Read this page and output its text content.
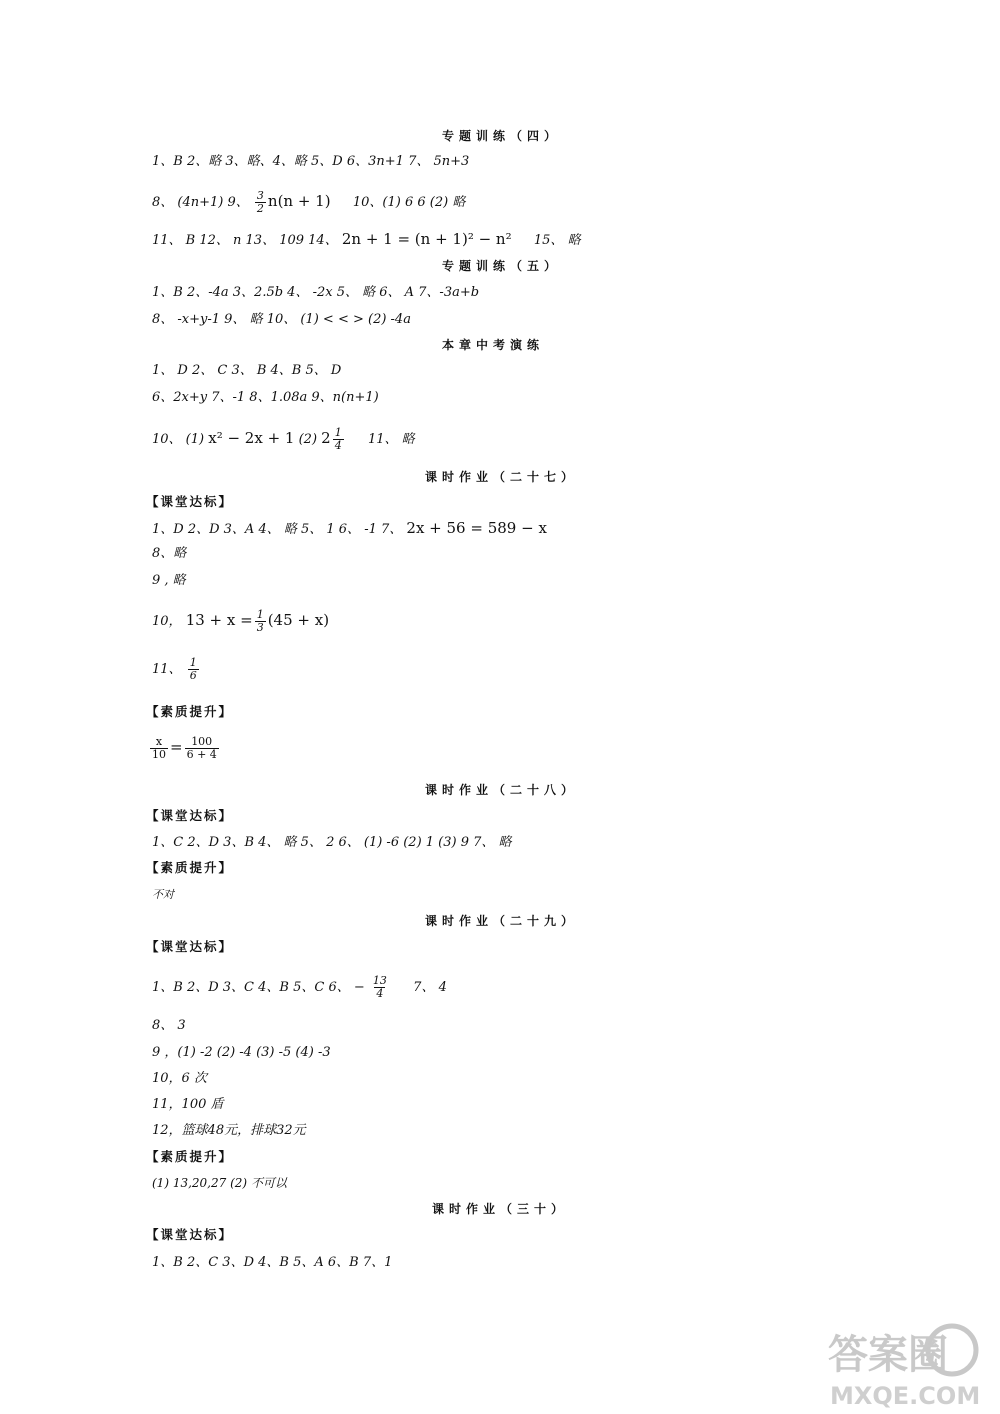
专题训练（四）
1、B 2、略 3、略、4、略 5、D 6、3n+1 7、 5n+3
8、 (4n+1) 9、 $\frac{3}{2} n(n + 1)$ 10、(1) 6 6 (2) 略
11、 B 12、 n 13、 109 14、 2n + 1 = (n + 1)² − n² 15、 略
专题训练（五）
1、B 2、-4a 3、2.5b 4、 -2x 5、 略 6、 A 7、-3a+b
8、 -x+y-1 9、 略 10、 (1) < < > (2) -4a
本章中考演练
1、 D 2、 C 3、 B 4、B 5、 D
6、2x+y 7、-1 8、1.08a 9、n(n+1)
10、 (1) x² − 2x + 1 (2) $2 \frac{1}{4} 11$、 略
课时作业（二十七）
【课堂达标】
1、D 2、D 3、A 4、 略 5、 1 6、 -1 7、 2x + 56 = 589 − x
8、略
9 , 略
10， $13 + x = \frac{1}{3} (45 + x)$
11、 $\frac{1}{6}$
【素质提升】
$\frac{x}{10} = \frac{100}{6 + 4}$
课时作业（二十八）
【课堂达标】
1、C 2、D 3、B 4、 略 5、 2 6、 (1) -6 (2) 1 (3) 9 7、 略
【素质提升】
不对
课时作业（二十九）
【课堂达标】
1、B 2、D 3、C 4、B 5、C 6、 − $\frac{13}{4} 7$、 4
8、 3
9 ，(1) -2 (2) -4 (3) -5 (4) -3
10，6 次
11，100 盾
12，篮球48元，排球32元
【素质提升】
(1) 13,20,27 (2) 不可以
课时作业（三十）
【课堂达标】
1、B 2、C 3、D 4、B 5、A 6、B 7、1
答案圈
MXQE.COM
